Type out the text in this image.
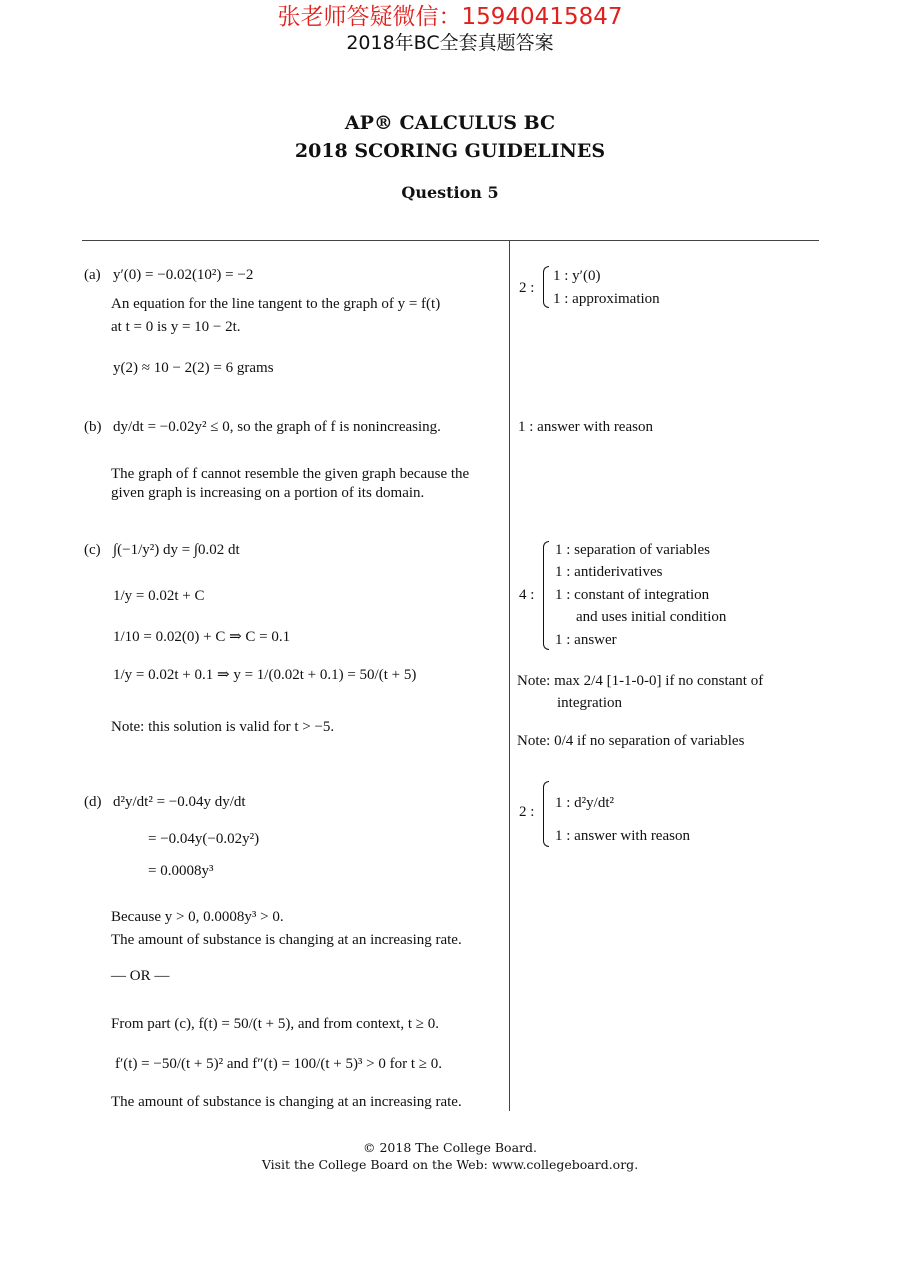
张老师答疑微信：15940415847
2018年BC全套真题答案
AP® CALCULUS BC
2018 SCORING GUIDELINES
Question 5
(a) y′(0) = −0.02(10²) = −2
An equation for the line tangent to the graph of y = f(t)
at t = 0 is y = 10 − 2t.
y(2) ≈ 10 − 2(2) = 6 grams
2 :
1 : y′(0)
1 : approximation
(b) dy/dt = −0.02y² ≤ 0, so the graph of f is nonincreasing.
The graph of f cannot resemble the given graph because the
given graph is increasing on a portion of its domain.
1 : answer with reason
(c) ∫(−1/y²) dy = ∫0.02 dt
1/y = 0.02t + C
1/10 = 0.02(0) + C ⇒ C = 0.1
1/y = 0.02t + 0.1 ⇒ y = 1/(0.02t + 0.1) = 50/(t + 5)
Note: this solution is valid for t > −5.
4 :
1 : separation of variables
1 : antiderivatives
1 : constant of integration
and uses initial condition
1 : answer
Note: max 2/4 [1-1-0-0] if no constant of
integration
Note: 0/4 if no separation of variables
(d) d²y/dt² = −0.04y dy/dt
= −0.04y(−0.02y²)
= 0.0008y³
Because y > 0, 0.0008y³ > 0.
The amount of substance is changing at an increasing rate.
— OR —
From part (c), f(t) = 50/(t + 5), and from context, t ≥ 0.
f′(t) = −50/(t + 5)² and f″(t) = 100/(t + 5)³ > 0 for t ≥ 0.
The amount of substance is changing at an increasing rate.
2 :
1 : d²y/dt²
1 : answer with reason
© 2018 The College Board.
Visit the College Board on the Web: www.collegeboard.org.
